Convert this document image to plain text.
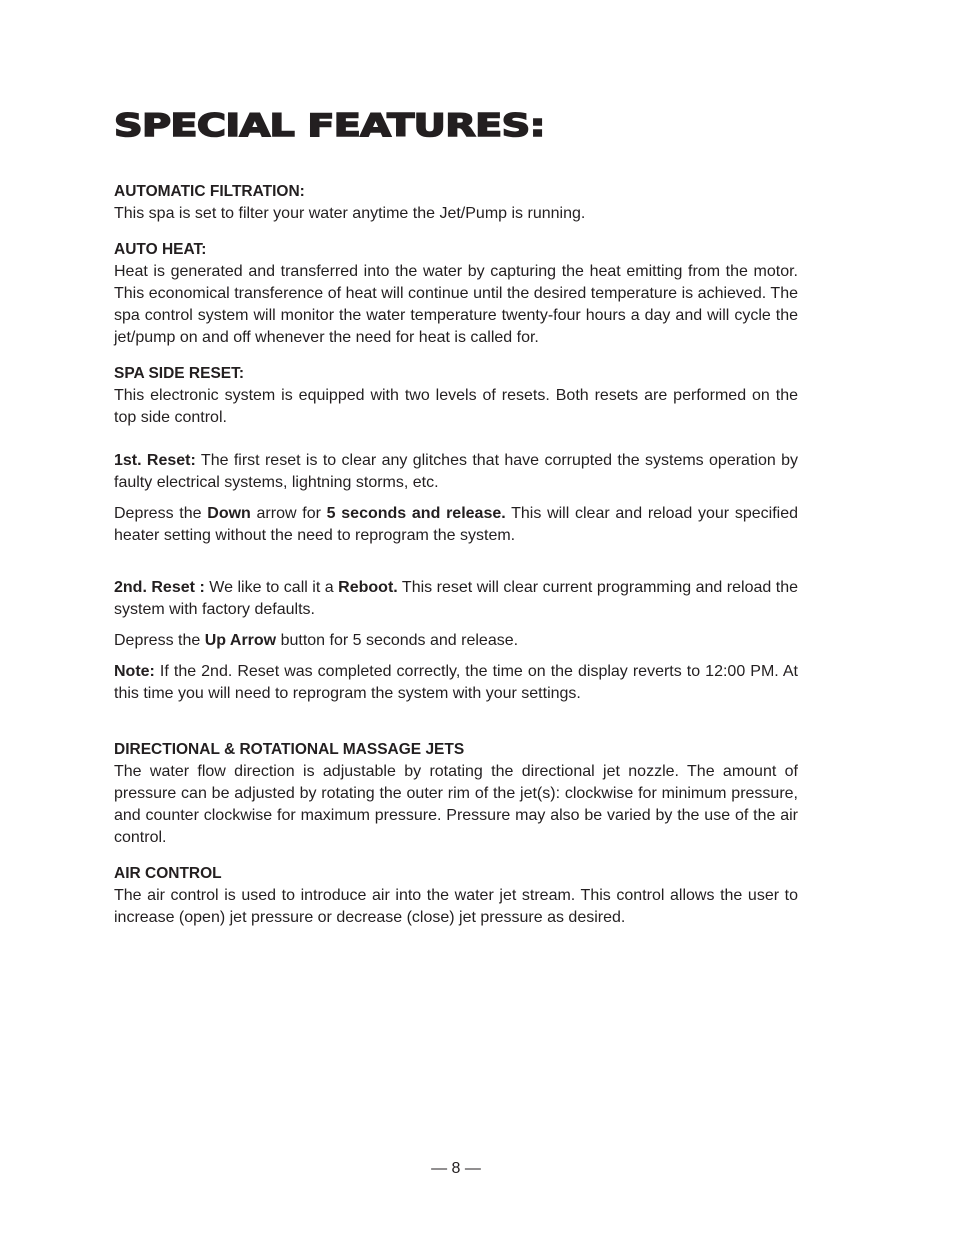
SPECIAL FEATURES:
AUTOMATIC FILTRATION:

This spa is set to filter your water anytime the Jet/Pump is running.

AUTO HEAT:

Heat is generated and transferred into the water by capturing the heat emitting from the motor. This economical transference of heat will continue until the desired temperature is achieved. The spa control system will monitor the water temperature twenty-four hours a day and will cycle the jet/pump on and off whenever the need for heat is called for.

SPA SIDE RESET:

This electronic system is equipped with two levels of resets. Both resets are performed on the top side control.

1st. Reset: The first reset is to clear any glitches that have corrupted the systems operation by faulty electrical systems, lightning storms, etc.

Depress the Down arrow for 5 seconds and release. This will clear and reload your specified heater setting without the need to reprogram the system.

2nd. Reset : We like to call it a Reboot. This reset will clear current programming and reload the system with factory defaults.

Depress the Up Arrow button for 5 seconds and release.

Note: If the 2nd. Reset was completed correctly, the time on the display reverts to 12:00 PM. At this time you will need to reprogram the system with your settings.

DIRECTIONAL & ROTATIONAL MASSAGE JETS

The water flow direction is adjustable by rotating the directional jet nozzle. The amount of pressure can be adjusted by rotating the outer rim of the jet(s): clockwise for minimum pressure, and counter clockwise for maximum pressure. Pressure may also be varied by the use of the air control.

AIR CONTROL

The air control is used to introduce air into the water jet stream. This control allows the user to increase (open) jet pressure or decrease (close) jet pressure as desired.

— 8 —
